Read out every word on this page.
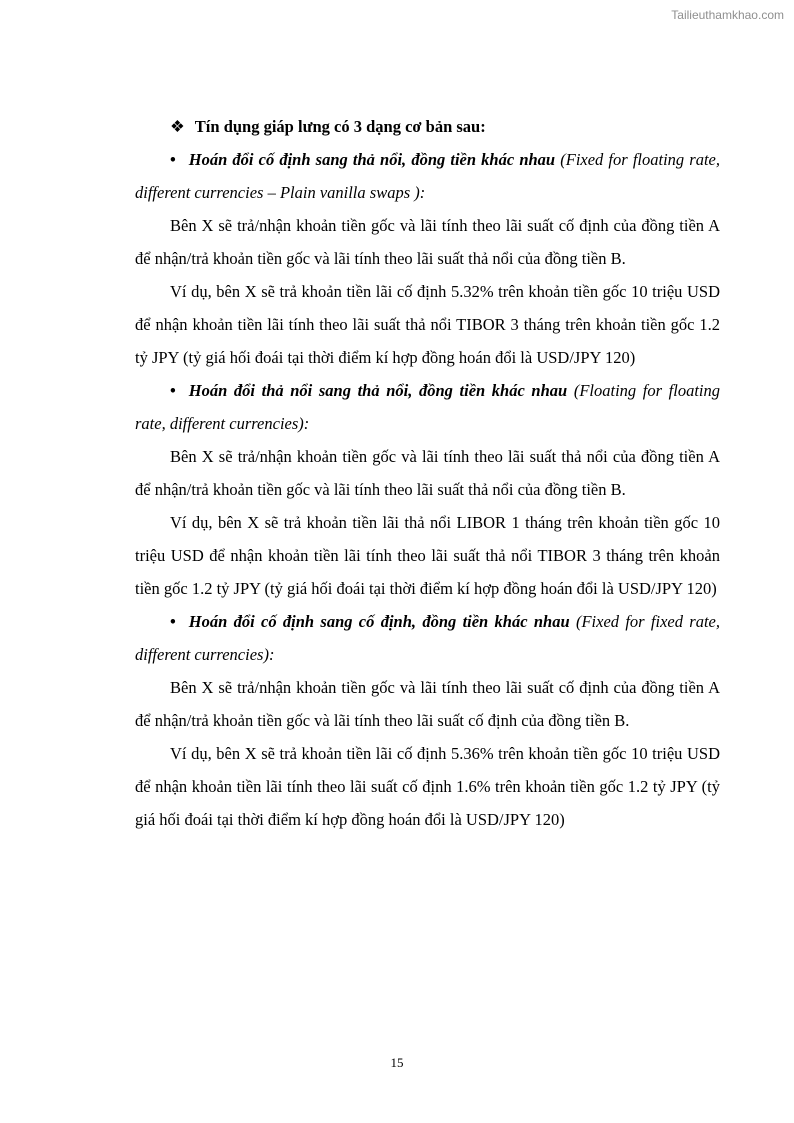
Tailieuthamkhao.com

❖ Tín dụng giáp lưng có 3 dạng cơ bản sau:

• Hoán đổi cố định sang thả nổi, đồng tiền khác nhau (Fixed for floating rate, different currencies – Plain vanilla swaps ):

Bên X sẽ trả/nhận khoản tiền gốc và lãi tính theo lãi suất cố định của đồng tiền A để nhận/trả khoản tiền gốc và lãi tính theo lãi suất thả nổi của đồng tiền B.

Ví dụ, bên X sẽ trả khoản tiền lãi cố định 5.32% trên khoản tiền gốc 10 triệu USD để nhận khoản tiền lãi tính theo lãi suất thả nổi TIBOR 3 tháng trên khoản tiền gốc 1.2 tỷ JPY (tỷ giá hối đoái tại thời điểm kí hợp đồng hoán đổi là USD/JPY 120)

• Hoán đổi thả nổi sang thả nổi, đồng tiền khác nhau (Floating for floating rate, different currencies):

Bên X sẽ trả/nhận khoản tiền gốc và lãi tính theo lãi suất thả nổi của đồng tiền A để nhận/trả khoản tiền gốc và lãi tính theo lãi suất thả nổi của đồng tiền B.

Ví dụ, bên X sẽ trả khoản tiền lãi thả nổi LIBOR 1 tháng trên khoản tiền gốc 10 triệu USD để nhận khoản tiền lãi tính theo lãi suất thả nổi TIBOR 3 tháng trên khoản tiền gốc 1.2 tỷ JPY (tỷ giá hối đoái tại thời điểm kí hợp đồng hoán đổi là USD/JPY 120)

• Hoán đổi cố định sang cố định, đồng tiền khác nhau (Fixed for fixed rate, different currencies):

Bên X sẽ trả/nhận khoản tiền gốc và lãi tính theo lãi suất cố định của đồng tiền A để nhận/trả khoản tiền gốc và lãi tính theo lãi suất cố định của đồng tiền B.

Ví dụ, bên X sẽ trả khoản tiền lãi cố định 5.36% trên khoản tiền gốc 10 triệu USD để nhận khoản tiền lãi tính theo lãi suất cố định 1.6% trên khoản tiền gốc 1.2 tỷ JPY (tỷ giá hối đoái tại thời điểm kí hợp đồng hoán đổi là USD/JPY 120)

15
